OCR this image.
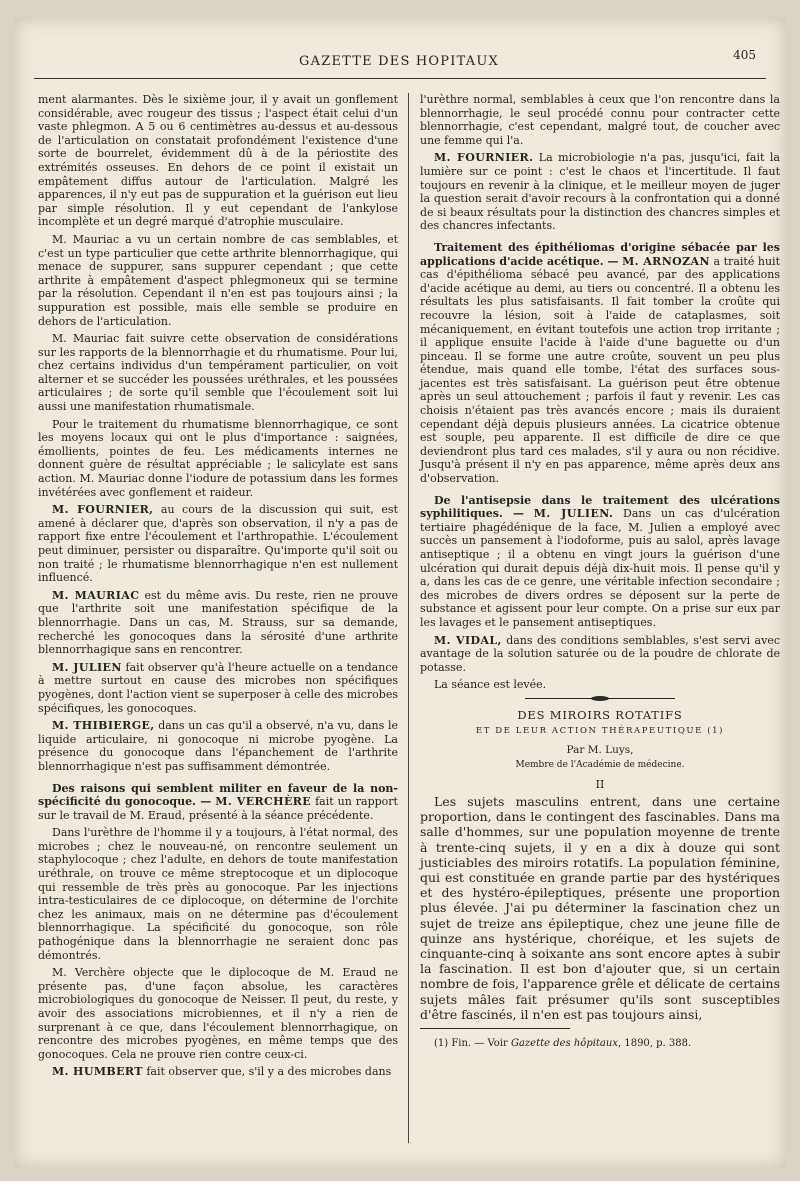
GAZETTE DES HOPITAUX	405

ment alarmantes. Dès le sixième jour, il y avait un gonflement considérable, avec rougeur des tissus ; l'aspect était celui d'un vaste phlegmon. A 5 ou 6 centimètres au-dessus et au-dessous de l'articulation on constatait profondément l'existence d'une sorte de bourrelet, évidemment dû à de la périostite des extrémités osseuses. En dehors de ce point il existait un empâtement diffus autour de l'articulation. Malgré les apparences, il n'y eut pas de suppuration et la guérison eut lieu par simple résolution. Il y eut cependant de l'ankylose incomplète et un degré marqué d'atrophie musculaire.

M. Mauriac a vu un certain nombre de cas semblables, et c'est un type particulier que cette arthrite blennorrhagique, qui menace de suppurer, sans suppurer cependant ; que cette arthrite à empâtement d'aspect phlegmoneux qui se termine par la résolution. Cependant il n'en est pas toujours ainsi ; la suppuration est possible, mais elle semble se produire en dehors de l'articulation.

M. Mauriac fait suivre cette observation de considérations sur les rapports de la blennorrhagie et du rhumatisme. Pour lui, chez certains individus d'un tempérament particulier, on voit alterner et se succéder les poussées uréthrales, et les poussées articulaires ; de sorte qu'il semble que l'écoulement soit lui aussi une manifestation rhumatismale.

Pour le traitement du rhumatisme blennorrhagique, ce sont les moyens locaux qui ont le plus d'importance : saignées, émollients, pointes de feu. Les médicaments internes ne donnent guère de résultat appréciable ; le salicylate est sans action. M. Mauriac donne l'iodure de potassium dans les formes invétérées avec gonflement et raideur.

M. FOURNIER, au cours de la discussion qui suit, est amené à déclarer que, d'après son observation, il n'y a pas de rapport fixe entre l'écoulement et l'arthropathie. L'écoulement peut diminuer, persister ou disparaître. Qu'importe qu'il soit ou non traité ; le rhumatisme blennorrhagique n'en est nullement influencé.

M. MAURIAC est du même avis. Du reste, rien ne prouve que l'arthrite soit une manifestation spécifique de la blennorrhagie. Dans un cas, M. Strauss, sur sa demande, recherché les gonocoques dans la sérosité d'une arthrite blennorrhagique sans en rencontrer.

M. JULIEN fait observer qu'à l'heure actuelle on a tendance à mettre surtout en cause des microbes non spécifiques pyogènes, dont l'action vient se superposer à celle des microbes spécifiques, les gonocoques.

M. THIBIERGE, dans un cas qu'il a observé, n'a vu, dans le liquide articulaire, ni gonocoque ni microbe pyogène. La présence du gonocoque dans l'épanchement de l'arthrite blennorrhagique n'est pas suffisamment démontrée.

Des raisons qui semblent militer en faveur de la non-spécificité du gonocoque. — M. VERCHÈRE fait un rapport sur le travail de M. Eraud, présenté à la séance précédente.

Dans l'urèthre de l'homme il y a toujours, à l'état normal, des microbes ; chez le nouveau-né, on rencontre seulement un staphylocoque ; chez l'adulte, en dehors de toute manifestation uréthrale, on trouve ce même streptocoque et un diplocoque qui ressemble de très près au gonocoque. Par les injections intra-testiculaires de ce diplocoque, on détermine de l'orchite chez les animaux, mais on ne détermine pas d'écoulement blennorrhagique. La spécificité du gonocoque, son rôle pathogénique dans la blennorrhagie ne seraient donc pas démontrés.

M. Verchère objecte que le diplocoque de M. Eraud ne présente pas, d'une façon absolue, les caractères microbiologiques du gonocoque de Neisser. Il peut, du reste, y avoir des associations microbiennes, et il n'y a rien de surprenant à ce que, dans l'écoulement blennorrhagique, on rencontre des microbes pyogènes, en même temps que des gonocoques. Cela ne prouve rien contre ceux-ci.

M. HUMBERT fait observer que, s'il y a des microbes dans

l'urèthre normal, semblables à ceux que l'on rencontre dans la blennorrhagie, le seul procédé connu pour contracter cette blennorrhagie, c'est cependant, malgré tout, de coucher avec une femme qui l'a.

M. FOURNIER. La microbiologie n'a pas, jusqu'ici, fait la lumière sur ce point : c'est le chaos et l'incertitude. Il faut toujours en revenir à la clinique, et le meilleur moyen de juger la question serait d'avoir recours à la confrontation qui a donné de si beaux résultats pour la distinction des chancres simples et des chancres infectants.

Traitement des épithéliomas d'origine sébacée par les applications d'acide acétique. — M. ARNOZAN a traité huit cas d'épithélioma sébacé peu avancé, par des applications d'acide acétique au demi, au tiers ou concentré. Il a obtenu les résultats les plus satisfaisants. Il fait tomber la croûte qui recouvre la lésion, soit à l'aide de cataplasmes, soit mécaniquement, en évitant toutefois une action trop irritante ; il applique ensuite l'acide à l'aide d'une baguette ou d'un pinceau. Il se forme une autre croûte, souvent un peu plus étendue, mais quand elle tombe, l'état des surfaces sous-jacentes est très satisfaisant. La guérison peut être obtenue après un seul attouchement ; parfois il faut y revenir. Les cas choisis n'étaient pas très avancés encore ; mais ils duraient cependant déjà depuis plusieurs années. La cicatrice obtenue est souple, peu apparente. Il est difficile de dire ce que deviendront plus tard ces malades, s'il y aura ou non récidive. Jusqu'à présent il n'y en pas apparence, même après deux ans d'observation.

De l'antisepsie dans le traitement des ulcérations syphilitiques. — M. JULIEN. Dans un cas d'ulcération tertiaire phagédénique de la face, M. Julien a employé avec succès un pansement à l'iodoforme, puis au salol, après lavage antiseptique ; il a obtenu en vingt jours la guérison d'une ulcération qui durait depuis déjà dix-huit mois. Il pense qu'il y a, dans les cas de ce genre, une véritable infection secondaire ; des microbes de divers ordres se déposent sur la perte de substance et agissent pour leur compte. On a prise sur eux par les lavages et le pansement antiseptiques.

M. VIDAL, dans des conditions semblables, s'est servi avec avantage de la solution saturée ou de la poudre de chlorate de potasse.

La séance est levée.

DES MIROIRS ROTATIFS
ET DE LEUR ACTION THÉRAPEUTIQUE (1)
Par M. Luys,
Membre de l'Académie de médecine.
II

Les sujets masculins entrent, dans une certaine proportion, dans le contingent des fascinables. Dans ma salle d'hommes, sur une population moyenne de trente à trente-cinq sujets, il y en a dix à douze qui sont justiciables des miroirs rotatifs. La population féminine, qui est constituée en grande partie par des hystériques et des hystéro-épileptiques, présente une proportion plus élevée. J'ai pu déterminer la fascination chez un sujet de treize ans épileptique, chez une jeune fille de quinze ans hystérique, choréique, et les sujets de cinquante-cinq à soixante ans sont encore aptes à subir la fascination. Il est bon d'ajouter que, si un certain nombre de fois, l'apparence grêle et délicate de certains sujets mâles fait présumer qu'ils sont susceptibles d'être fascinés, il n'en est pas toujours ainsi,

(1) Fin. — Voir Gazette des hôpitaux, 1890, p. 388.
